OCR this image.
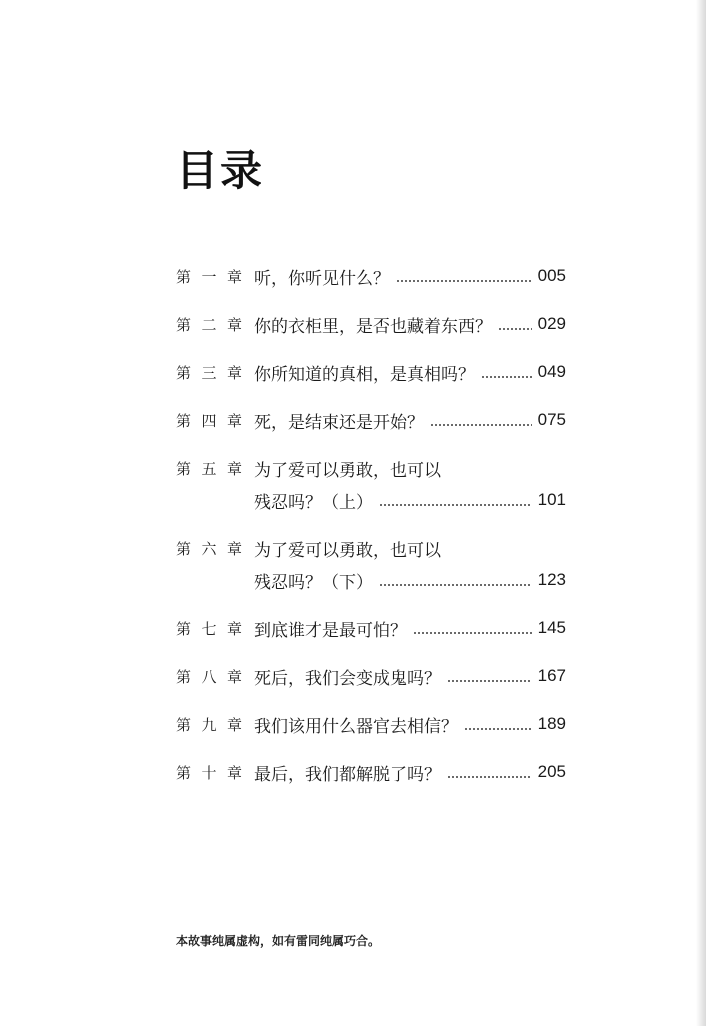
目录
第 一 章 听，你听见什么？	005
第 二 章 你的衣柜里，是否也藏着东西？	029
第 三 章 你所知道的真相，是真相吗？	049
第 四 章 死，是结束还是开始？	075
第 五 章 为了爱可以勇敢，也可以
残忍吗？（上）	101
第 六 章 为了爱可以勇敢，也可以
残忍吗？（下）	123
第 七 章 到底谁才是最可怕？	145
第 八 章 死后，我们会变成鬼吗？	167
第 九 章 我们该用什么器官去相信？	189
第 十 章 最后，我们都解脱了吗？	205

本故事纯属虚构，如有雷同纯属巧合。
